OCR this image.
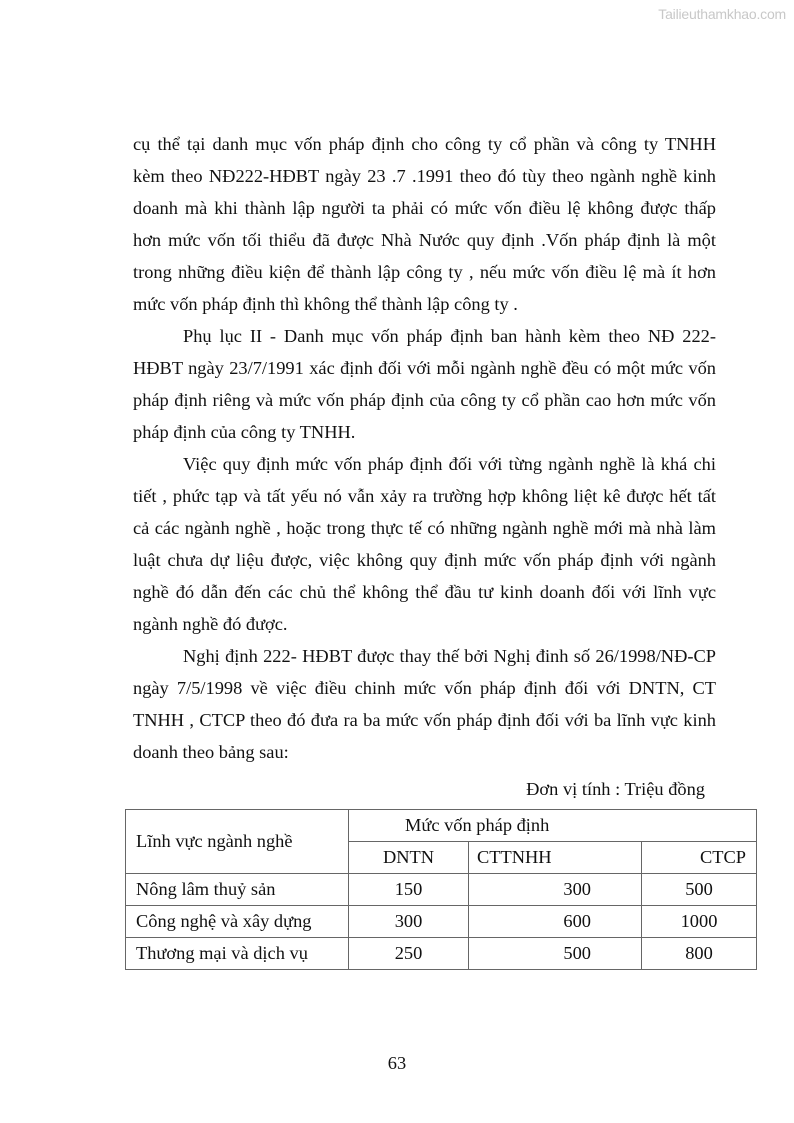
Tailieuthamkhao.com

cụ thể tại danh mục vốn pháp định cho công ty cổ phần và công ty TNHH
kèm theo NĐ222-HĐBT ngày 23 .7 .1991 theo đó tùy theo ngành nghề kinh
doanh mà khi thành lập người ta phải có mức vốn điều lệ không được thấp
hơn mức vốn tối thiểu đã được Nhà Nước quy định .Vốn pháp định là một
trong những điều kiện để thành lập công ty , nếu mức vốn điều lệ mà ít hơn
mức vốn pháp định thì không thể thành lập công ty .

Phụ lục II - Danh mục vốn pháp định ban hành kèm theo NĐ 222-
HĐBT ngày 23/7/1991 xác định đối với mỗi ngành nghề đều có một mức vốn
pháp định riêng và mức vốn pháp định của công ty cổ phần cao hơn mức vốn
pháp định của công ty TNHH.

Việc quy định mức vốn pháp định đối với từng ngành nghề là khá chi
tiết , phức tạp và tất yếu nó vẫn xảy ra trường hợp không liệt kê được hết tất
cả các ngành nghề , hoặc trong thực tế có những ngành nghề mới mà nhà làm
luật chưa dự liệu được, việc không quy định mức vốn pháp định với ngành
nghề đó dẫn đến các chủ thể không thể đầu tư kinh doanh đối với lĩnh vực
ngành nghề đó được.

Nghị định 222- HĐBT được thay thế bởi Nghị đinh số 26/1998/NĐ-CP
ngày 7/5/1998 về việc điều chinh mức vốn pháp định đối với DNTN, CT
TNHH , CTCP theo đó đưa ra ba mức vốn pháp định đối với ba lĩnh vực kinh
doanh theo bảng sau:

Đơn vị tính : Triệu đồng
Lĩnh vực ngành nghề	Mức vốn pháp định		
	DNTN	CTTNHH	CTCP
Nông lâm thuỷ sản	150	300	500
Công nghệ và xây dựng	300	600	1000
Thương mại và dịch vụ	250	500	800
63
